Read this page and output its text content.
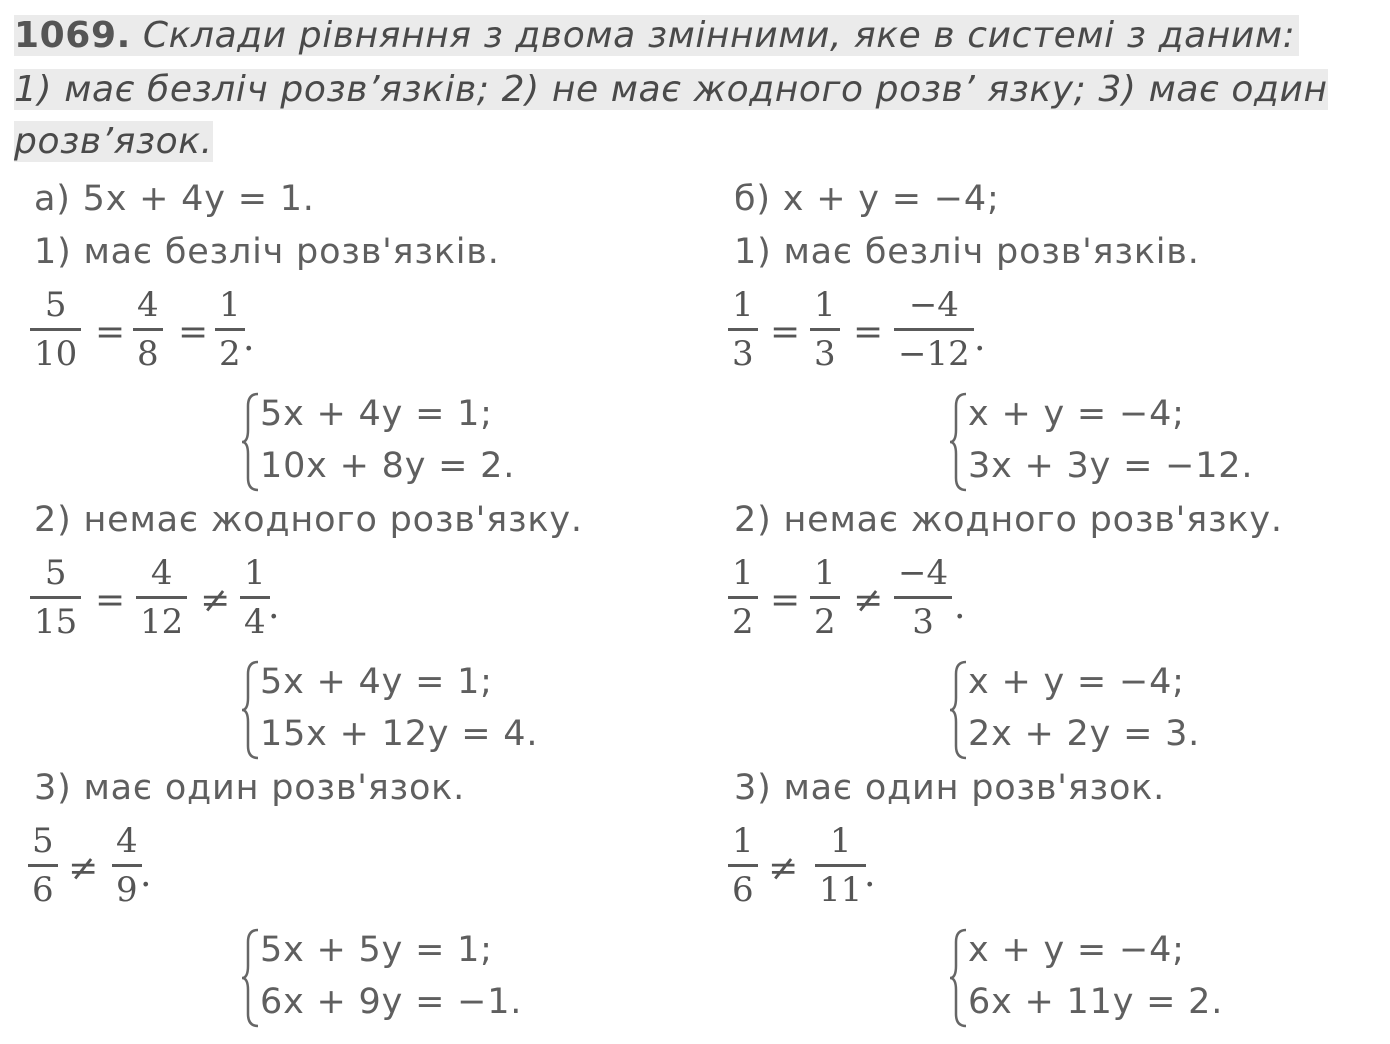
1069. Склади рівняння з двома змінними, яке в системі з даним:
1) має безліч розв’язків; 2) не має жодного розв’ язку; 3) має один
розв’язок.
а) 5x + 4y = 1.
1) має безліч розв'язків.
5
10
=
4
8
=
1
2 .
5x + 4y = 1;
10x + 8y = 2.
2) немає жодного розв'язку.
5
15
=
4
12
≠
1
4 .
5x + 4y = 1;
15x + 12y = 4.
3) має один розв'язок.
5
6
≠
4
9 .
5x + 5y = 1;
6x + 9y = −1.
б) x + y = −4;
1) має безліч розв'язків.
1
3
=
1
3
=
−4
−12 .
x + y = −4;
3x + 3y = −12.
2) немає жодного розв'язку.
1
2
=
1
2
≠
−4
3 .
x + y = −4;
2x + 2y = 3.
3) має один розв'язок.
1
6
≠
1
11 .
x + y = −4;
6x + 11y = 2.
